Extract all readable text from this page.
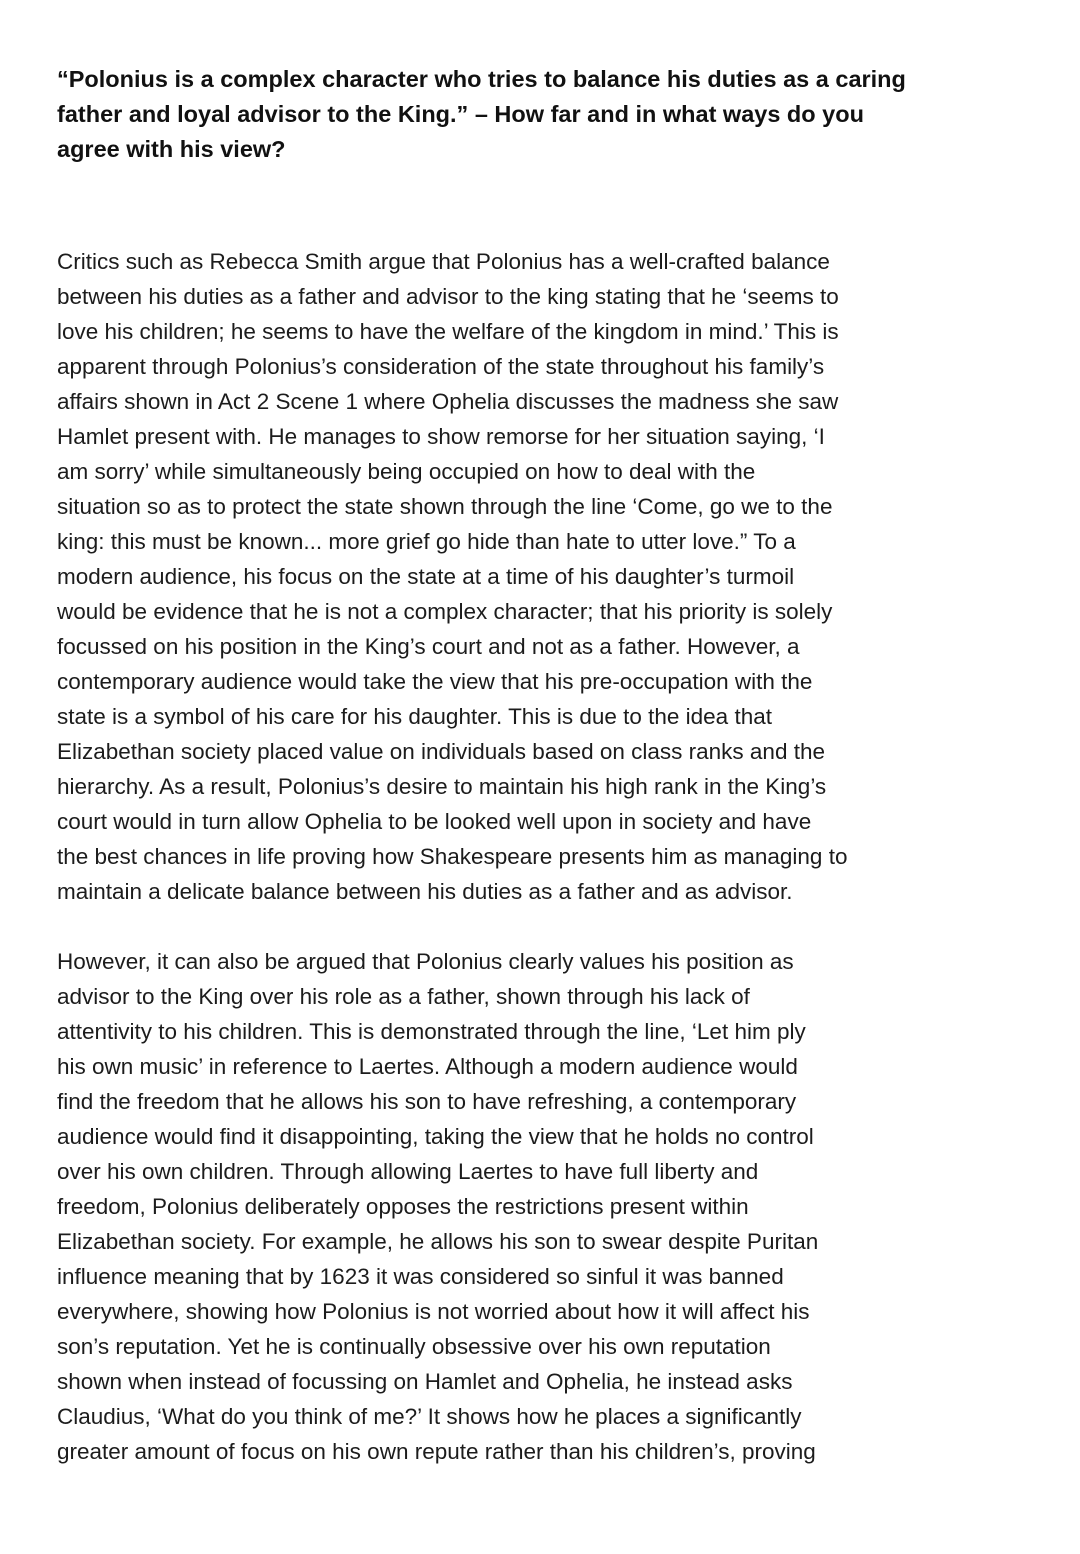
“Polonius is a complex character who tries to balance his duties as a caring
father and loyal advisor to the King.” – How far and in what ways do you
agree with his view?
Critics such as Rebecca Smith argue that Polonius has a well-crafted balance
between his duties as a father and advisor to the king stating that he ‘seems to
love his children; he seems to have the welfare of the kingdom in mind.’ This is
apparent through Polonius’s consideration of the state throughout his family’s
affairs shown in Act 2 Scene 1 where Ophelia discusses the madness she saw
Hamlet present with. He manages to show remorse for her situation saying, ‘I
am sorry’ while simultaneously being occupied on how to deal with the
situation so as to protect the state shown through the line ‘Come, go we to the
king: this must be known... more grief go hide than hate to utter love.” To a
modern audience, his focus on the state at a time of his daughter’s turmoil
would be evidence that he is not a complex character; that his priority is solely
focussed on his position in the King’s court and not as a father. However, a
contemporary audience would take the view that his pre-occupation with the
state is a symbol of his care for his daughter. This is due to the idea that
Elizabethan society placed value on individuals based on class ranks and the
hierarchy. As a result, Polonius’s desire to maintain his high rank in the King’s
court would in turn allow Ophelia to be looked well upon in society and have
the best chances in life proving how Shakespeare presents him as managing to
maintain a delicate balance between his duties as a father and as advisor.
However, it can also be argued that Polonius clearly values his position as
advisor to the King over his role as a father, shown through his lack of
attentivity to his children. This is demonstrated through the line, ‘Let him ply
his own music’ in reference to Laertes. Although a modern audience would
find the freedom that he allows his son to have refreshing, a contemporary
audience would find it disappointing, taking the view that he holds no control
over his own children. Through allowing Laertes to have full liberty and
freedom, Polonius deliberately opposes the restrictions present within
Elizabethan society. For example, he allows his son to swear despite Puritan
influence meaning that by 1623 it was considered so sinful it was banned
everywhere, showing how Polonius is not worried about how it will affect his
son’s reputation. Yet he is continually obsessive over his own reputation
shown when instead of focussing on Hamlet and Ophelia, he instead asks
Claudius, ‘What do you think of me?’ It shows how he places a significantly
greater amount of focus on his own repute rather than his children’s, proving
